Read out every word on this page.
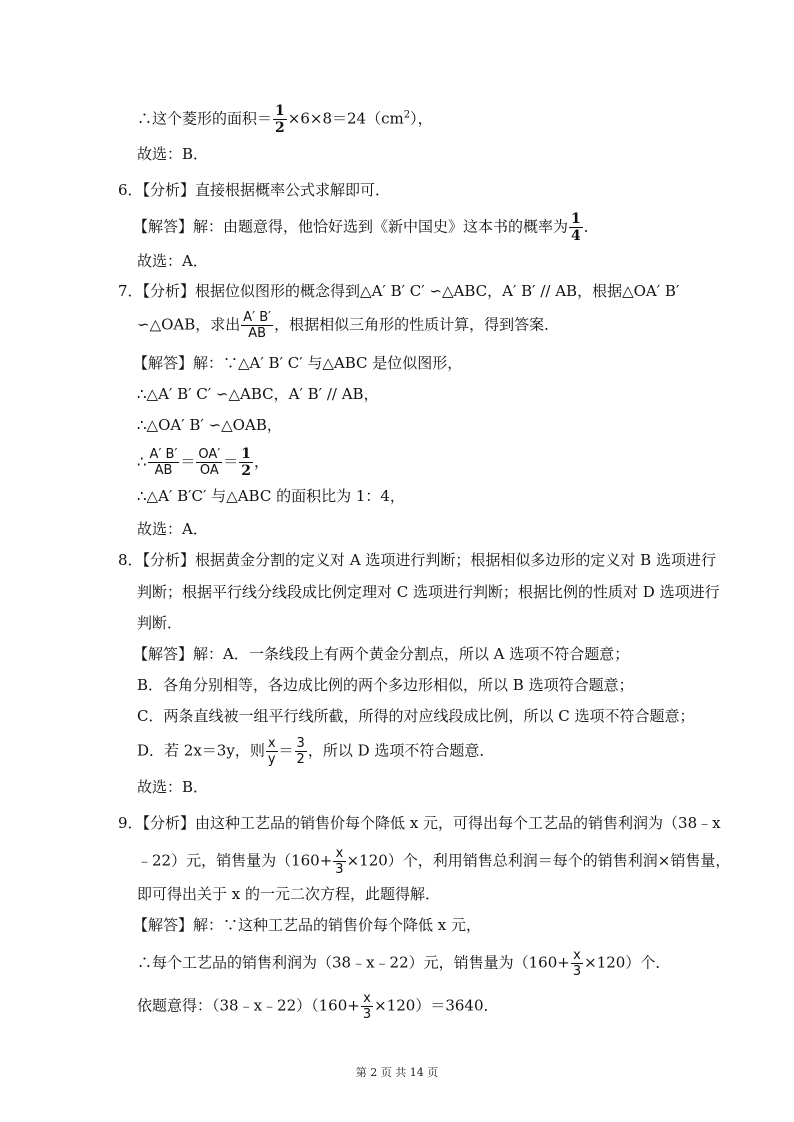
∴这个菱形的面积＝ $\frac{1}{2} \times 6\times 8=24(cm^2)$，
故选：B．
6．【分析】直接根据概率公式求解即可．
【解答】解：由题意得，他恰好选到《新中国史》这本书的概率为 $\frac{1}{4}$ ．
故选：A．
7．【分析】根据位似图形的概念得到△A′ B′ C′ ∽△ABC，A′ B′ // AB，根据△OA′ B′
∽△OAB，求出 $\frac{A' B'}{AB}$ ，根据相似三角形的性质计算，得到答案．
【解答】解：∵△A′ B′ C′ 与△ABC 是位似图形，
∴△A′ B′ C′ ∽△ABC，A′ B′ // AB，
∴△OA′ B′ ∽△OAB，
∴ $\frac{A' B'}{AB} = \frac{OA'}{OA} = \frac{1}{2}$ ，
∴△A′ B′C′ 与△ABC 的面积比为 1：4，
故选：A．
8．【分析】根据黄金分割的定义对 A 选项进行判断；根据相似多边形的定义对 B 选项进行
判断；根据平行线分线段成比例定理对 C 选项进行判断；根据比例的性质对 D 选项进行
判断．
【解答】解：A．一条线段上有两个黄金分割点，所以 A 选项不符合题意；
B．各角分别相等，各边成比例的两个多边形相似，所以 B 选项符合题意；
C．两条直线被一组平行线所截，所得的对应线段成比例，所以 C 选项不符合题意；
D．若 2x＝3y，则 $\frac{x}{y} = \frac{3}{2}$ ，所以 D 选项不符合题意．
故选：B．
9．【分析】由这种工艺品的销售价每个降低 x 元，可得出每个工艺品的销售利润为（38﹣x
﹣22）元，销售量为$(160+ \frac{x}{3} \times 120)$个，利用销售总利润＝每个的销售利润×销售量，
即可得出关于 x 的一元二次方程，此题得解．
【解答】解：∵这种工艺品的销售价每个降低 x 元，
∴每个工艺品的销售利润为（38﹣x﹣22）元，销售量为$(160+ \frac{x}{3} \times 120)$个．
依题意得：（38﹣x﹣22）（160+ $\frac{x}{3} \times 120)=3640$．
第 2 页 共 14 页
